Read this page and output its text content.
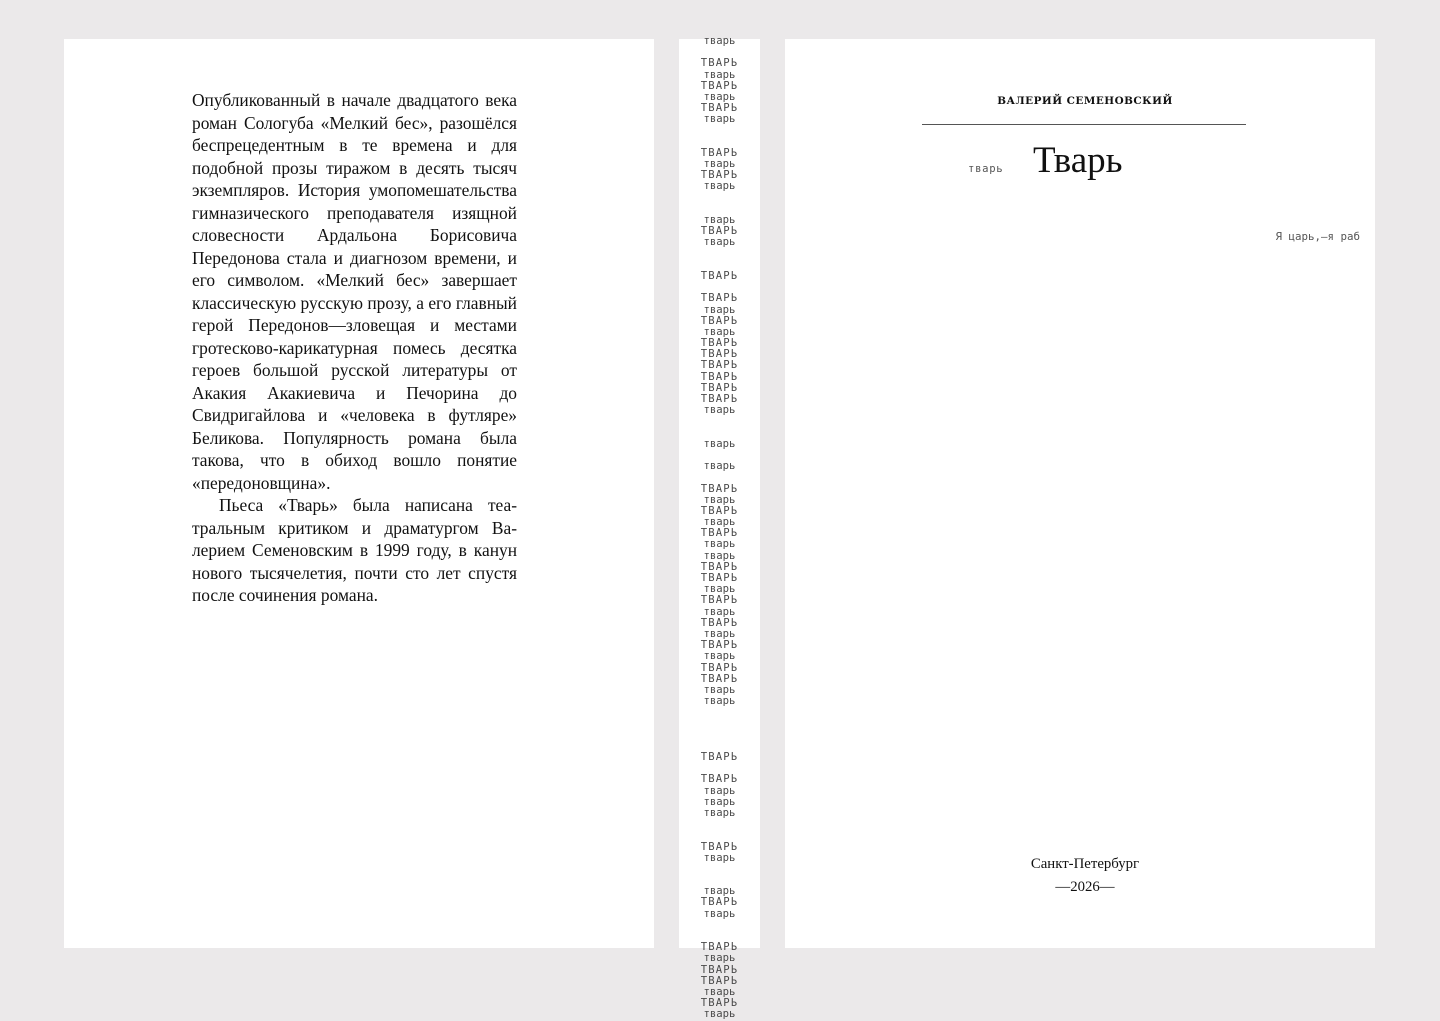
Опубликованный в начале двадцатого века роман Сологуба «Мелкий бес», разошёлся беспрецедентным в те времена и для подобной прозы тиражом в десять тысяч экземпляров. История умопомешательства гимназического преподавателя изящной словесности Ардальона Борисовича Передонова стала и диагнозом времени, и его символом. «Мелкий бес» завершает классическую русскую прозу, а его главный герой Передонов—зловещая и местами гротесково-карикатурная помесь десятка героев большой русской литературы от Акакия Акакиевича и Печорина до Свидригайлова и «человека в футляре» Беликова. Популярность романа была такова, что в обиход вошло понятие «передоновщина».

Пьеса «Тварь» была написана театральным критиком и драматургом Валерием Семеновским в 1999 году, в канун нового тысячелетия, почти сто лет спустя после сочинения романа.

тварь
ТВАРЬ
тварь
ТВАРЬ
тварь
ТВАРЬ
тварь
ТВАРЬ
тварь
ТВАРЬ
тварь
тварь
ТВАРЬ
тварь
ТВАРЬ
ТВАРЬ
тварь
ТВАРЬ
тварь
ТВАРЬ
ТВАРЬ
ТВАРЬ
ТВАРЬ
ТВАРЬ
ТВАРЬ
тварь
тварь
тварь
ТВАРЬ
тварь
ТВАРЬ
тварь
ТВАРЬ
тварь
тварь
ТВАРЬ
ТВАРЬ
тварь
ТВАРЬ
тварь
ТВАРЬ
тварь
ТВАРЬ
тварь
ТВАРЬ
ТВАРЬ
тварь
тварь
ТВАРЬ
ТВАРЬ
тварь
тварь
тварь
ТВАРЬ
тварь
тварь
ТВАРЬ
тварь
ТВАРЬ
тварь
ТВАРЬ
ТВАРЬ
тварь
ТВАРЬ
тварь
ВАЛЕРИЙ СЕМЕНОВСКИЙ
тварь Тварь
Я царь,—я раб
Санкт-Петербург
—2026—
